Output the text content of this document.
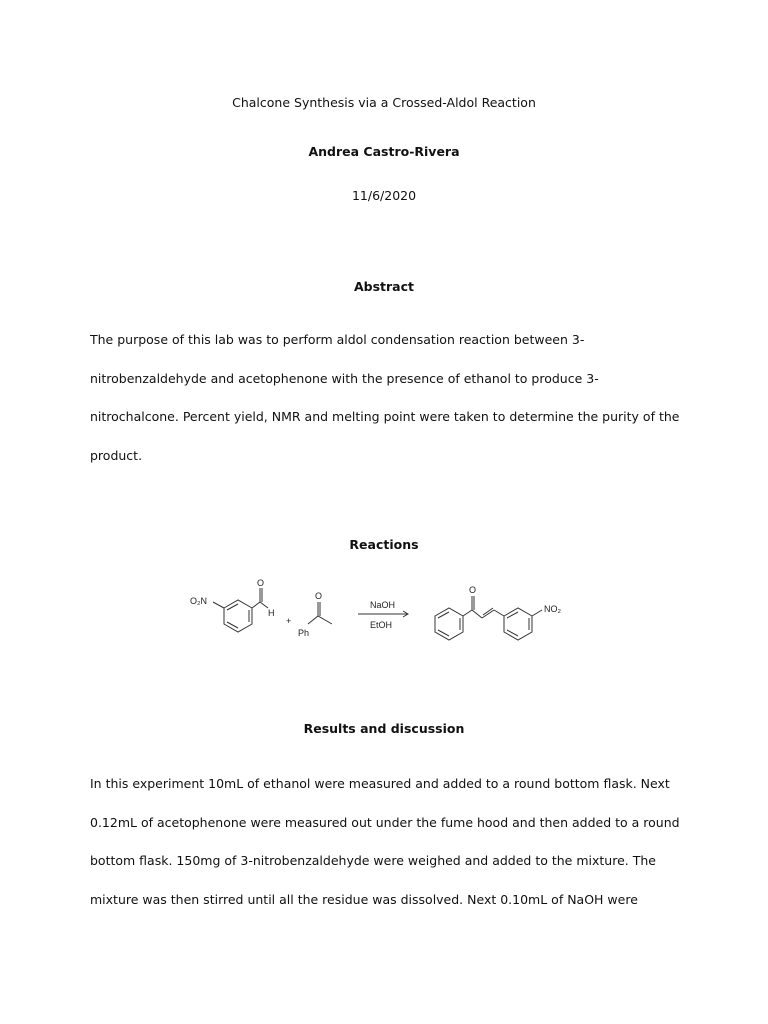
Chalcone Synthesis via a Crossed-Aldol Reaction
Andrea Castro-Rivera
11/6/2020
Abstract
The purpose of this lab was to perform aldol condensation reaction between 3-nitrobenzaldehyde and acetophenone with the presence of ethanol to produce 3-nitrochalcone. Percent yield, NMR and melting point were taken to determine the purity of the product.
Reactions
O₂N
O
H
+
O
Ph
NaOH
EtOH
O
NO₂
Results and discussion
In this experiment 10mL of ethanol were measured and added to a round bottom flask. Next 0.12mL of acetophenone were measured out under the fume hood and then added to a round bottom flask. 150mg of 3-nitrobenzaldehyde were weighed and added to the mixture. The mixture was then stirred until all the residue was dissolved. Next 0.10mL of NaOH were
